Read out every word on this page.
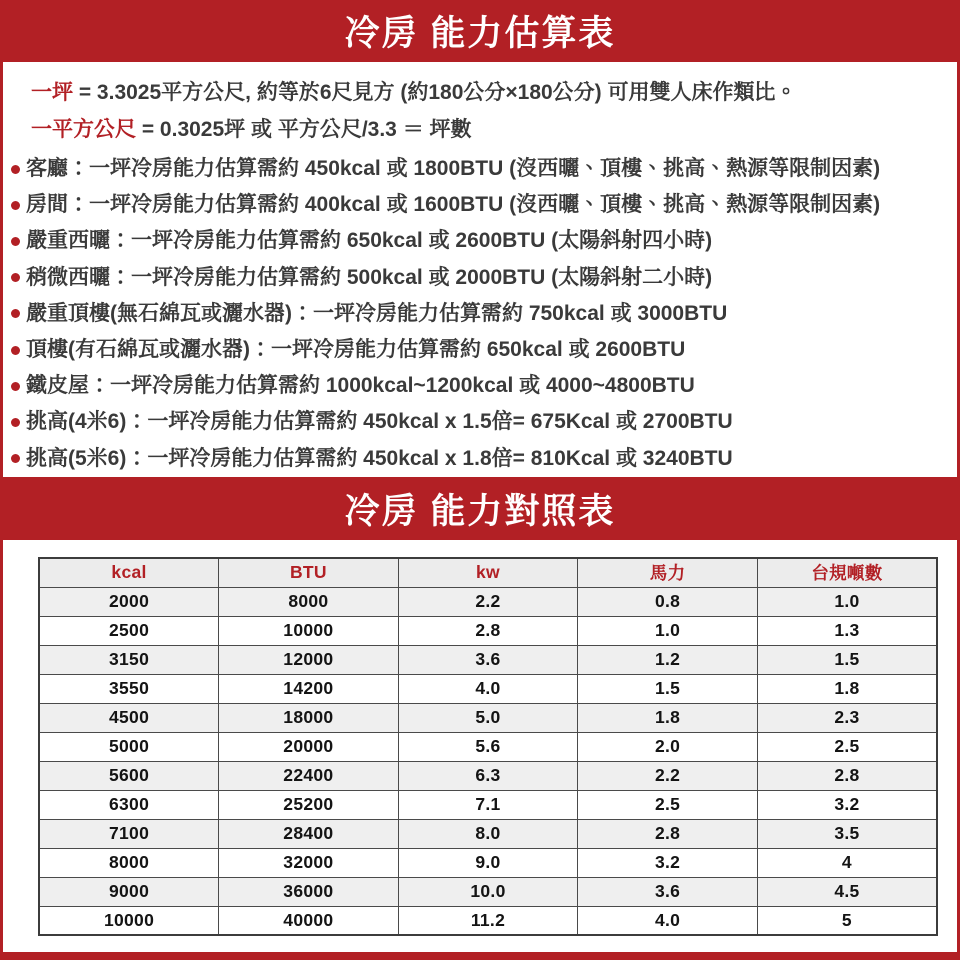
冷房 能力估算表
一坪 = 3.3025平方公尺, 約等於6尺見方 (約180公分×180公分) 可用雙人床作類比。
一平方公尺 = 0.3025坪 或 平方公尺/3.3 ＝ 坪數
客廳：一坪冷房能力估算需約 450kcal 或 1800BTU (沒西曬、頂樓、挑高、熱源等限制因素)
房間：一坪冷房能力估算需約 400kcal 或 1600BTU (沒西曬、頂樓、挑高、熱源等限制因素)
嚴重西曬：一坪冷房能力估算需約 650kcal 或 2600BTU (太陽斜射四小時)
稍微西曬：一坪冷房能力估算需約 500kcal 或 2000BTU (太陽斜射二小時)
嚴重頂樓(無石綿瓦或灑水器)：一坪冷房能力估算需約 750kcal 或 3000BTU
頂樓(有石綿瓦或灑水器)：一坪冷房能力估算需約 650kcal 或 2600BTU
鐵皮屋：一坪冷房能力估算需約 1000kcal~1200kcal 或 4000~4800BTU
挑高(4米6)：一坪冷房能力估算需約 450kcal x 1.5倍= 675Kcal 或 2700BTU
挑高(5米6)：一坪冷房能力估算需約 450kcal x 1.8倍= 810Kcal 或 3240BTU
冷房 能力對照表
kcal	BTU	kw	馬力	台規噸數
2000	8000	2.2	0.8	1.0
2500	10000	2.8	1.0	1.3
3150	12000	3.6	1.2	1.5
3550	14200	4.0	1.5	1.8
4500	18000	5.0	1.8	2.3
5000	20000	5.6	2.0	2.5
5600	22400	6.3	2.2	2.8
6300	25200	7.1	2.5	3.2
7100	28400	8.0	2.8	3.5
8000	32000	9.0	3.2	4
9000	36000	10.0	3.6	4.5
10000	40000	11.2	4.0	5
